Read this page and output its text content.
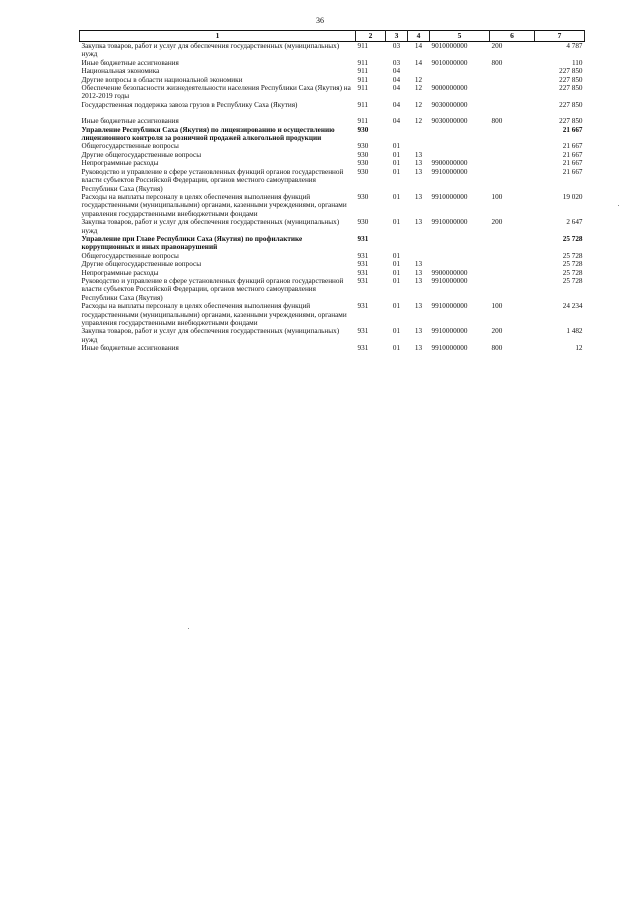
36
1	2	3	4	5	6	7
Закупка товаров, работ и услуг для обеспечения государственных (муниципальных) нужд	911	03	14	9010000000	200	4 787
Иные бюджетные ассигнования	911	03	14	9010000000	800	110
Национальная экономика	911	04				227 850
Другие вопросы в области национальной экономики	911	04	12			227 850
Обеспечение безопасности жизнедеятельности населения Республики Саха (Якутия) на 2012-2019 годы	911	04	12	9000000000		227 850
Государственная поддержка завоза грузов в Республику Саха (Якутия)	911	04	12	9030000000		227 850
Иные бюджетные ассигнования	911	04	12	9030000000	800	227 850
Управление Республики Саха (Якутия) по лицензированию и осуществлению лицензионного контроля за розничной продажей алкогольной продукции	930					21 667
Общегосударственные вопросы	930	01				21 667
Другие общегосударственные вопросы	930	01	13			21 667
Непрограммные расходы	930	01	13	9900000000		21 667
Руководство и управление в сфере установленных функций органов государственной власти субъектов Российской Федерации, органов местного самоуправления Республики Саха (Якутия)	930	01	13	9910000000		21 667
Расходы на выплаты персоналу в целях обеспечения выполнения функций государственными (муниципальными) органами, казенными учреждениями, органами управления государственными внебюджетными фондами	930	01	13	9910000000	100	19 020
Закупка товаров, работ и услуг для обеспечения государственных (муниципальных) нужд	930	01	13	9910000000	200	2 647
Управление при Главе Республики Саха (Якутия) по профилактике коррупционных и иных правонарушений	931					25 728
Общегосударственные вопросы	931	01				25 728
Другие общегосударственные вопросы	931	01	13			25 728
Непрограммные расходы	931	01	13	9900000000		25 728
Руководство и управление в сфере установленных функций органов государственной власти субъектов Российской Федерации, органов местного самоуправления Республики Саха (Якутия)	931	01	13	9910000000		25 728
Расходы на выплаты персоналу в целях обеспечения выполнения функций государственными (муниципальными) органами, казенными учреждениями, органами управления государственными внебюджетными фондами	931	01	13	9910000000	100	24 234
Закупка товаров, работ и услуг для обеспечения государственных (муниципальных) нужд	931	01	13	9910000000	200	1 482
Иные бюджетные ассигнования	931	01	13	9910000000	800	12
